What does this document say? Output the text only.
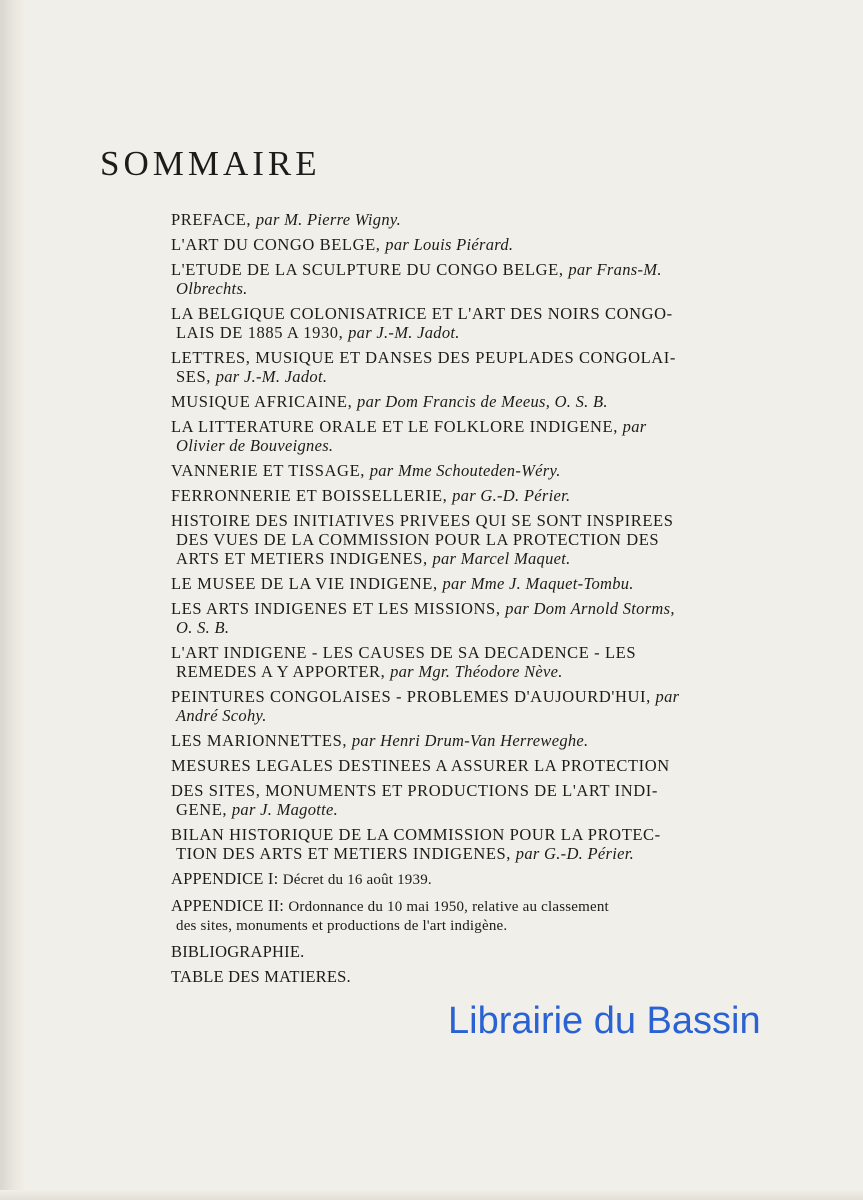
SOMMAIRE

PREFACE, par M. Pierre Wigny.

L'ART DU CONGO BELGE, par Louis Piérard.

L'ETUDE DE LA SCULPTURE DU CONGO BELGE, par Frans-M.
Olbrechts.

LA BELGIQUE COLONISATRICE ET L'ART DES NOIRS CONGO-
LAIS DE 1885 A 1930, par J.-M. Jadot.

LETTRES, MUSIQUE ET DANSES DES PEUPLADES CONGOLAI-
SES, par J.-M. Jadot.

MUSIQUE AFRICAINE, par Dom Francis de Meeus, O. S. B.

LA LITTERATURE ORALE ET LE FOLKLORE INDIGENE, par
Olivier de Bouveignes.

VANNERIE ET TISSAGE, par Mme Schouteden-Wéry.

FERRONNERIE ET BOISSELLERIE, par G.-D. Périer.

HISTOIRE DES INITIATIVES PRIVEES QUI SE SONT INSPIREES
DES VUES DE LA COMMISSION POUR LA PROTECTION DES
ARTS ET METIERS INDIGENES, par Marcel Maquet.

LE MUSEE DE LA VIE INDIGENE, par Mme J. Maquet-Tombu.

LES ARTS INDIGENES ET LES MISSIONS, par Dom Arnold Storms,
O. S. B.

L'ART INDIGENE - LES CAUSES DE SA DECADENCE - LES
REMEDES A Y APPORTER, par Mgr. Théodore Nève.

PEINTURES CONGOLAISES - PROBLEMES D'AUJOURD'HUI, par
André Scohy.

LES MARIONNETTES, par Henri Drum-Van Herreweghe.

MESURES LEGALES DESTINEES A ASSURER LA PROTECTION
DES SITES, MONUMENTS ET PRODUCTIONS DE L'ART INDI-
GENE, par J. Magotte.

BILAN HISTORIQUE DE LA COMMISSION POUR LA PROTEC-
TION DES ARTS ET METIERS INDIGENES, par G.-D. Périer.

APPENDICE I: Décret du 16 août 1939.

APPENDICE II: Ordonnance du 10 mai 1950, relative au classement
des sites, monuments et productions de l'art indigène.

BIBLIOGRAPHIE.

TABLE DES MATIERES.

Librairie du Bassin
